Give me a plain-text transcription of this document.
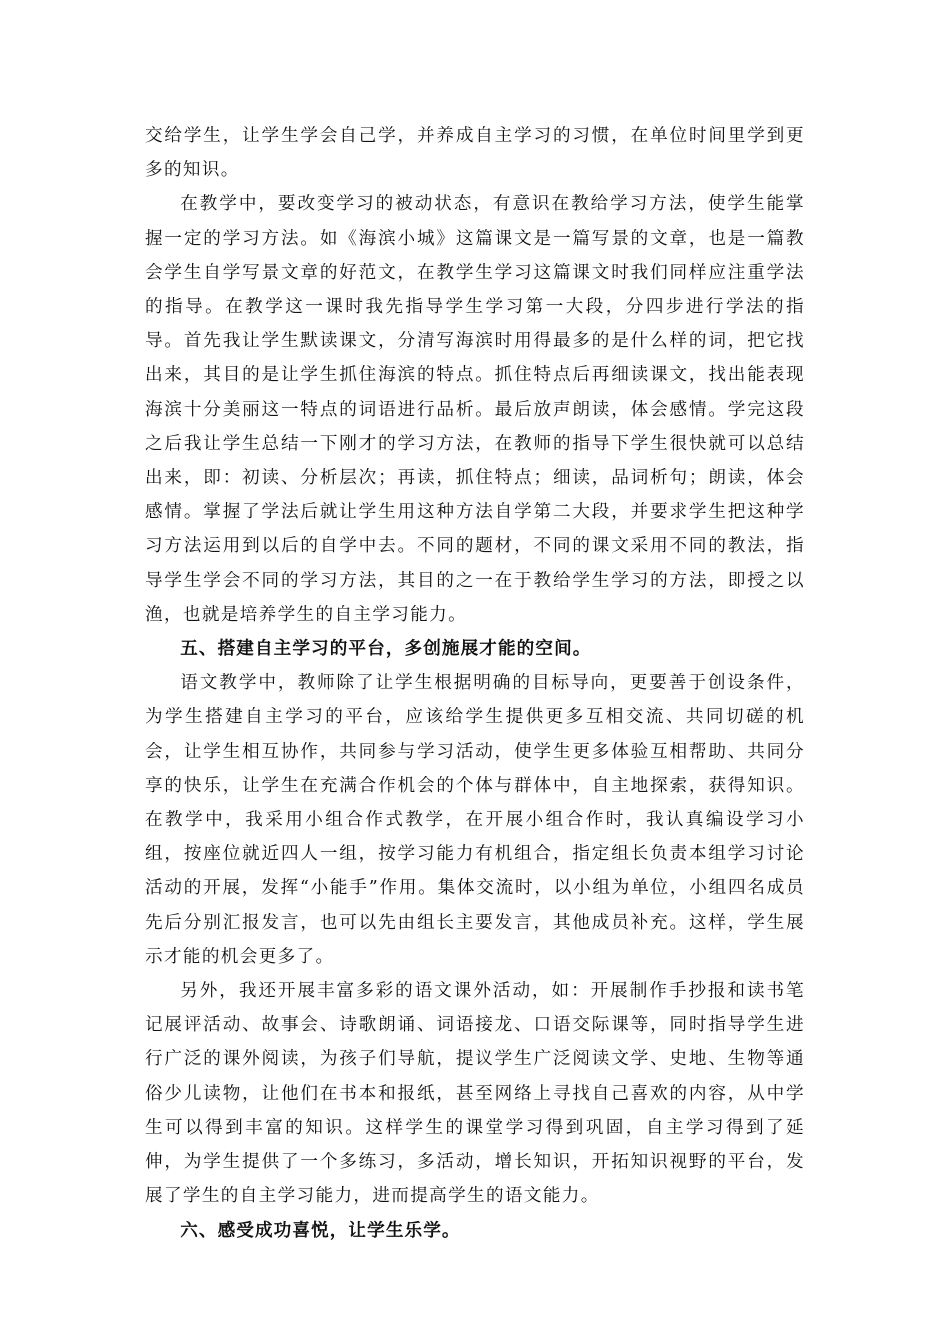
交给学生，让学生学会自己学，并养成自主学习的习惯，在单位时间里学到更多的知识。

在教学中，要改变学习的被动状态，有意识在教给学习方法，使学生能掌握一定的学习方法。如《海滨小城》这篇课文是一篇写景的文章，也是一篇教会学生自学写景文章的好范文，在教学生学习这篇课文时我们同样应注重学法的指导。在教学这一课时我先指导学生学习第一大段，分四步进行学法的指导。首先我让学生默读课文，分清写海滨时用得最多的是什么样的词，把它找出来，其目的是让学生抓住海滨的特点。抓住特点后再细读课文，找出能表现海滨十分美丽这一特点的词语进行品析。最后放声朗读，体会感情。学完这段之后我让学生总结一下刚才的学习方法，在教师的指导下学生很快就可以总结出来，即：初读、分析层次；再读，抓住特点；细读，品词析句；朗读，体会感情。掌握了学法后就让学生用这种方法自学第二大段，并要求学生把这种学习方法运用到以后的自学中去。不同的题材，不同的课文采用不同的教法，指导学生学会不同的学习方法，其目的之一在于教给学生学习的方法，即授之以渔，也就是培养学生的自主学习能力。

五、搭建自主学习的平台，多创施展才能的空间。

语文教学中，教师除了让学生根据明确的目标导向，更要善于创设条件，为学生搭建自主学习的平台，应该给学生提供更多互相交流、共同切磋的机会，让学生相互协作，共同参与学习活动，使学生更多体验互相帮助、共同分享的快乐，让学生在充满合作机会的个体与群体中，自主地探索，获得知识。在教学中，我采用小组合作式教学，在开展小组合作时，我认真编设学习小组，按座位就近四人一组，按学习能力有机组合，指定组长负责本组学习讨论活动的开展，发挥“小能手”作用。集体交流时，以小组为单位，小组四名成员先后分别汇报发言，也可以先由组长主要发言，其他成员补充。这样，学生展示才能的机会更多了。

另外，我还开展丰富多彩的语文课外活动，如：开展制作手抄报和读书笔记展评活动、故事会、诗歌朗诵、词语接龙、口语交际课等，同时指导学生进行广泛的课外阅读，为孩子们导航，提议学生广泛阅读文学、史地、生物等通俗少儿读物，让他们在书本和报纸，甚至网络上寻找自己喜欢的内容，从中学生可以得到丰富的知识。这样学生的课堂学习得到巩固，自主学习得到了延伸，为学生提供了一个多练习，多活动，增长知识，开拓知识视野的平台，发展了学生的自主学习能力，进而提高学生的语文能力。

六、感受成功喜悦，让学生乐学。
